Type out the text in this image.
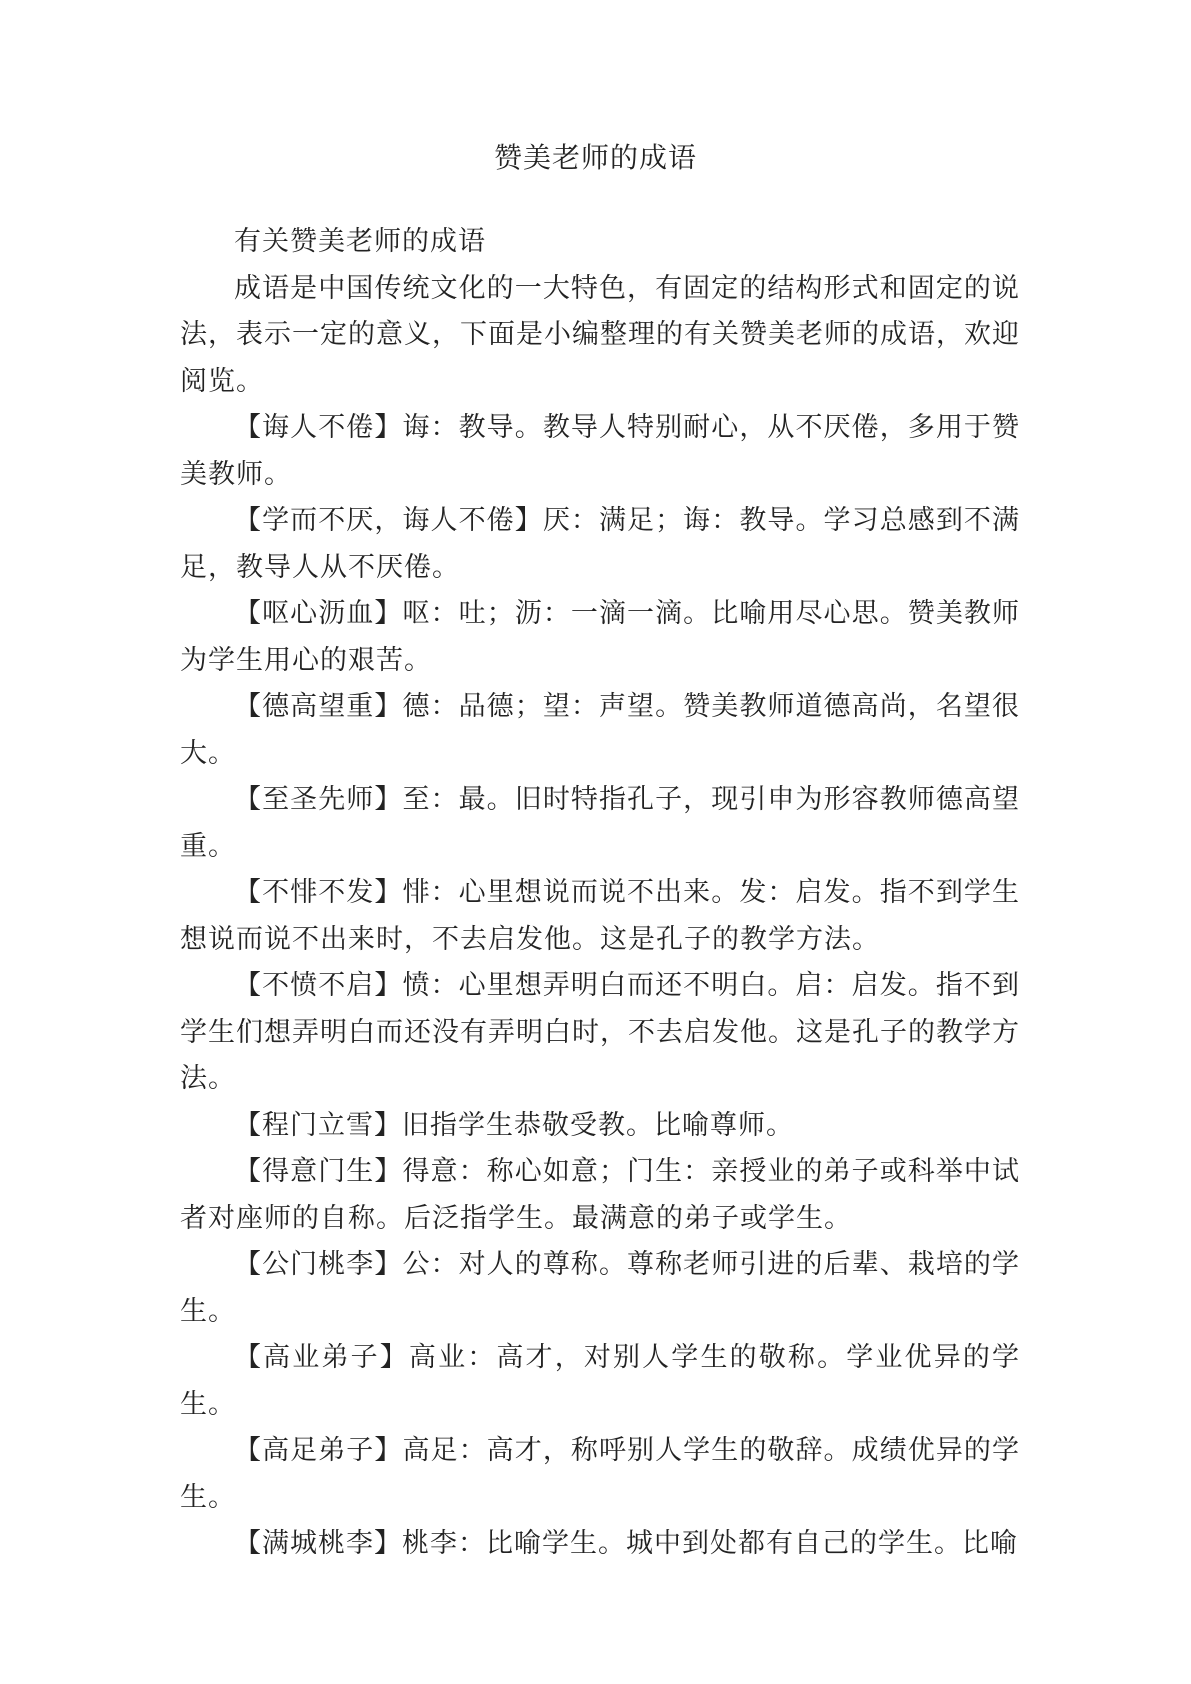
赞美老师的成语

有关赞美老师的成语

成语是中国传统文化的一大特色，有固定的结构形式和固定的说法，表示一定的意义，下面是小编整理的有关赞美老师的成语，欢迎阅览。

【诲人不倦】诲：教导。教导人特别耐心，从不厌倦，多用于赞美教师。

【学而不厌，诲人不倦】厌：满足；诲：教导。学习总感到不满足，教导人从不厌倦。

【呕心沥血】呕：吐；沥：一滴一滴。比喻用尽心思。赞美教师为学生用心的艰苦。

【德高望重】德：品德；望：声望。赞美教师道德高尚，名望很大。

【至圣先师】至：最。旧时特指孔子，现引申为形容教师德高望重。

【不悱不发】悱：心里想说而说不出来。发：启发。指不到学生想说而说不出来时，不去启发他。这是孔子的教学方法。

【不愤不启】愤：心里想弄明白而还不明白。启：启发。指不到学生们想弄明白而还没有弄明白时，不去启发他。这是孔子的教学方法。

【程门立雪】旧指学生恭敬受教。比喻尊师。

【得意门生】得意：称心如意；门生：亲授业的弟子或科举中试者对座师的自称。后泛指学生。最满意的弟子或学生。

【公门桃李】公：对人的尊称。尊称老师引进的后辈、栽培的学生。

【高业弟子】高业：高才，对别人学生的敬称。学业优异的学生。

【高足弟子】高足：高才，称呼别人学生的敬辞。成绩优异的学生。

【满城桃李】桃李：比喻学生。城中到处都有自己的学生。比喻
